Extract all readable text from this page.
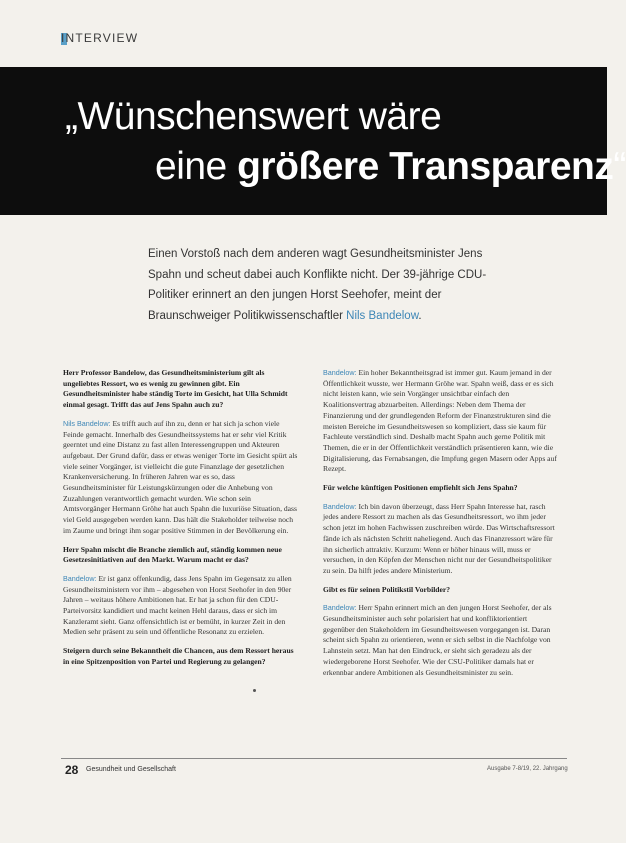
INTERVIEW
„Wünschenswert wäre
eine größere Transparenz“
Einen Vorstoß nach dem anderen wagt Gesundheitsminister Jens Spahn und scheut dabei auch Konflikte nicht. Der 39-jährige CDU-Politiker erinnert an den jungen Horst Seehofer, meint der Braunschweiger Politikwissenschaftler Nils Bandelow.

Herr Professor Bandelow, das Gesundheitsministerium gilt als ungeliebtes Ressort, wo es wenig zu gewinnen gibt. Ein Gesundheitsminister habe ständig Torte im Gesicht, hat Ulla Schmidt einmal gesagt. Trifft das auf Jens Spahn auch zu?

Nils Bandelow: Es trifft auch auf ihn zu, denn er hat sich ja schon viele Feinde gemacht. Innerhalb des Gesundheitssystems hat er sehr viel Kritik geerntet und eine Distanz zu fast allen Interessengruppen und Akteuren aufgebaut. Der Grund dafür, dass er etwas weniger Torte im Gesicht spürt als viele seiner Vorgänger, ist vielleicht die gute Finanzlage der gesetzlichen Krankenversicherung. In früheren Jahren war es so, dass Gesundheitsminister für Leistungskürzungen oder die Anhebung von Zuzahlungen verantwortlich gemacht wurden. Wie schon sein Amtsvorgänger Hermann Gröhe hat auch Spahn die luxuriöse Situation, dass viel Geld ausgegeben werden kann. Das hält die Stakeholder teilweise noch im Zaume und bringt ihm sogar positive Stimmen in der Bevölkerung ein.

Herr Spahn mischt die Branche ziemlich auf, ständig kommen neue Gesetzesinitiativen auf den Markt. Warum macht er das?

Bandelow: Er ist ganz offenkundig, dass Jens Spahn im Gegensatz zu allen Gesundheitsministern vor ihm – abgesehen von Horst Seehofer in den 90er Jahren – weitaus höhere Ambitionen hat. Er hat ja schon für den CDU-Parteivorsitz kandidiert und macht keinen Hehl daraus, dass er sich im Kanzleramt sieht. Ganz offensichtlich ist er bemüht, in kurzer Zeit in den Medien sehr präsent zu sein und öffentliche Resonanz zu erzielen.

Steigern durch seine Bekanntheit die Chancen, aus dem Ressort heraus in eine Spitzenposition von Partei und Regierung zu gelangen?

Bandelow: Ein hoher Bekanntheitsgrad ist immer gut. Kaum jemand in der Öffentlichkeit wusste, wer Hermann Gröhe war. Spahn weiß, dass er es sich nicht leisten kann, wie sein Vorgänger unsichtbar einfach den Koalitionsvertrag abzuarbeiten. Allerdings: Neben dem Thema der Finanzierung und der grundlegenden Reform der Finanzstrukturen sind die meisten Bereiche im Gesundheitswesen so kompliziert, dass sie kaum für Fachleute verständlich sind. Deshalb macht Spahn auch gerne Politik mit Themen, die er in der Öffentlichkeit verständlich präsentieren kann, wie die Digitalisierung, das Fernabsangen, die Impfung gegen Masern oder Apps auf Rezept.

Für welche künftigen Positionen empfiehlt sich Jens Spahn?

Bandelow: Ich bin davon überzeugt, dass Herr Spahn Interesse hat, rasch jedes andere Ressort zu machen als das Gesundheitsressort, wo ihm jeder schon jetzt im hohen Fachwissen zuschreiben würde. Das Wirtschaftsressort fände ich als nächsten Schritt naheliegend. Auch das Finanzressort wäre für ihn sicherlich attraktiv. Kurzum: Wenn er höher hinaus will, muss er versuchen, in den Köpfen der Menschen nicht nur der Gesundheitspolitiker zu sein. Da hilft jedes andere Ministerium.

Gibt es für seinen Politikstil Vorbilder?

Bandelow: Herr Spahn erinnert mich an den jungen Horst Seehofer, der als Gesundheitsminister auch sehr polarisiert hat und konfliktorientiert gegenüber den Stakeholdern im Gesundheitswesen vorgegangen ist. Daran scheint sich Spahn zu orientieren, wenn er sich selbst in die Nachfolge von Lahnstein setzt. Man hat den Eindruck, er sieht sich geradezu als der wiedergeborene Horst Seehofer. Wie der CSU-Politiker damals hat er erkennbar andere Ambitionen als Gesundheitsminister zu sein.

28 Gesundheit und Gesellschaft	Ausgabe 7-8/19, 22. Jahrgang
